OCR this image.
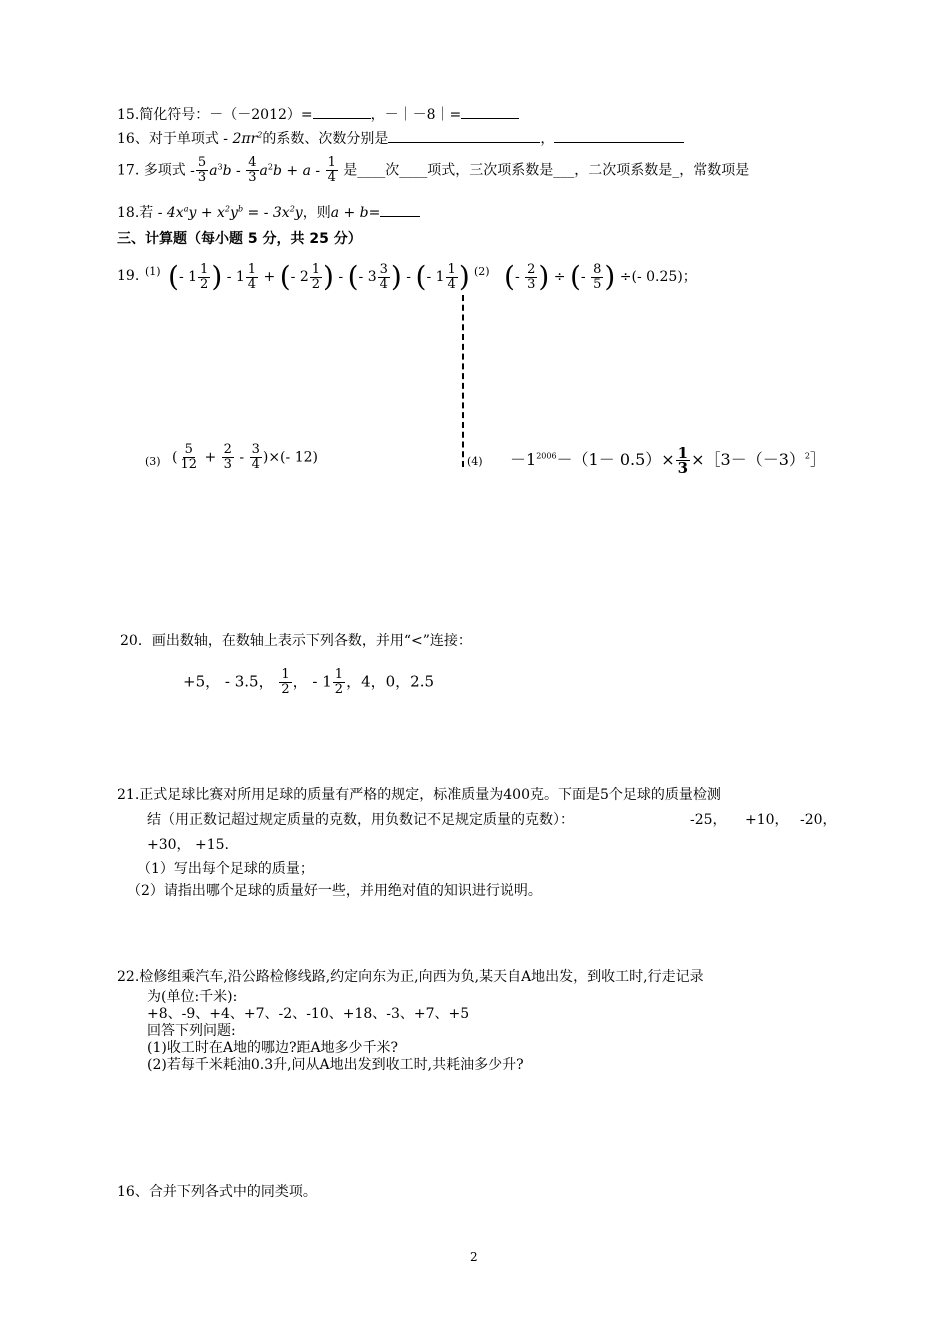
15.简化符号：－（－2012）=	，－｜－8｜=
16、对于单项式 - $2\pi r^2$的系数、次数分别是	，
17. 多项式 - $\frac{5}{3} a^3b - \frac{4}{3} a^2b + a - \frac{1}{4}$ 是____次____项式，三次项系数是___，二次项系数是_，常数项是
18.若 - $4x^ay + x^2y^b$ = - $3x^2y$，则a + b=
三、计算题（每小题 5 分，共 25 分）
19. (1) (- $1 \frac{1}{2}$ ) - $1 \frac{1}{4}$ + (- $2 \frac{1}{2}$ ) - (- $3 \frac{3}{4}$ ) - (- $1 \frac{1}{4}$ ) (2) (- $\frac{2}{3}$ ) ÷ (- $\frac{8}{5}$ ) ÷(- 0.25)；
(3) ( $\frac{5}{12} + \frac{2}{3} - \frac{3}{4}$ )×(- 12)	$(4) -1^{2006}-(1- 0.5)\times \frac{1}{3}$ $\times[3-(-3)^2]$
20．画出数轴，在数轴上表示下列各数，并用“<”连接：
+5， - 3.5， $\frac{1}{2}$ ， - $1 \frac{1}{2}$ ，4，0，2.5
21.正式足球比赛对所用足球的质量有严格的规定，标准质量为400克。下面是5个足球的质量检测
结（用正数记超过规定质量的克数，用负数记不足规定质量的克数）：	-25， +10， -20，
+30， +15.
（1）写出每个足球的质量；
（2）请指出哪个足球的质量好一些，并用绝对值的知识进行说明。
22.检修组乘汽车,沿公路检修线路,约定向东为正,向西为负,某天自A地出发，到收工时,行走记录
为(单位:千米):
+8、-9、+4、+7、-2、-10、+18、-3、+7、+5
回答下列问题:
(1)收工时在A地的哪边?距A地多少千米?
(2)若每千米耗油0.3升,问从A地出发到收工时,共耗油多少升?
16、合并下列各式中的同类项。
2
